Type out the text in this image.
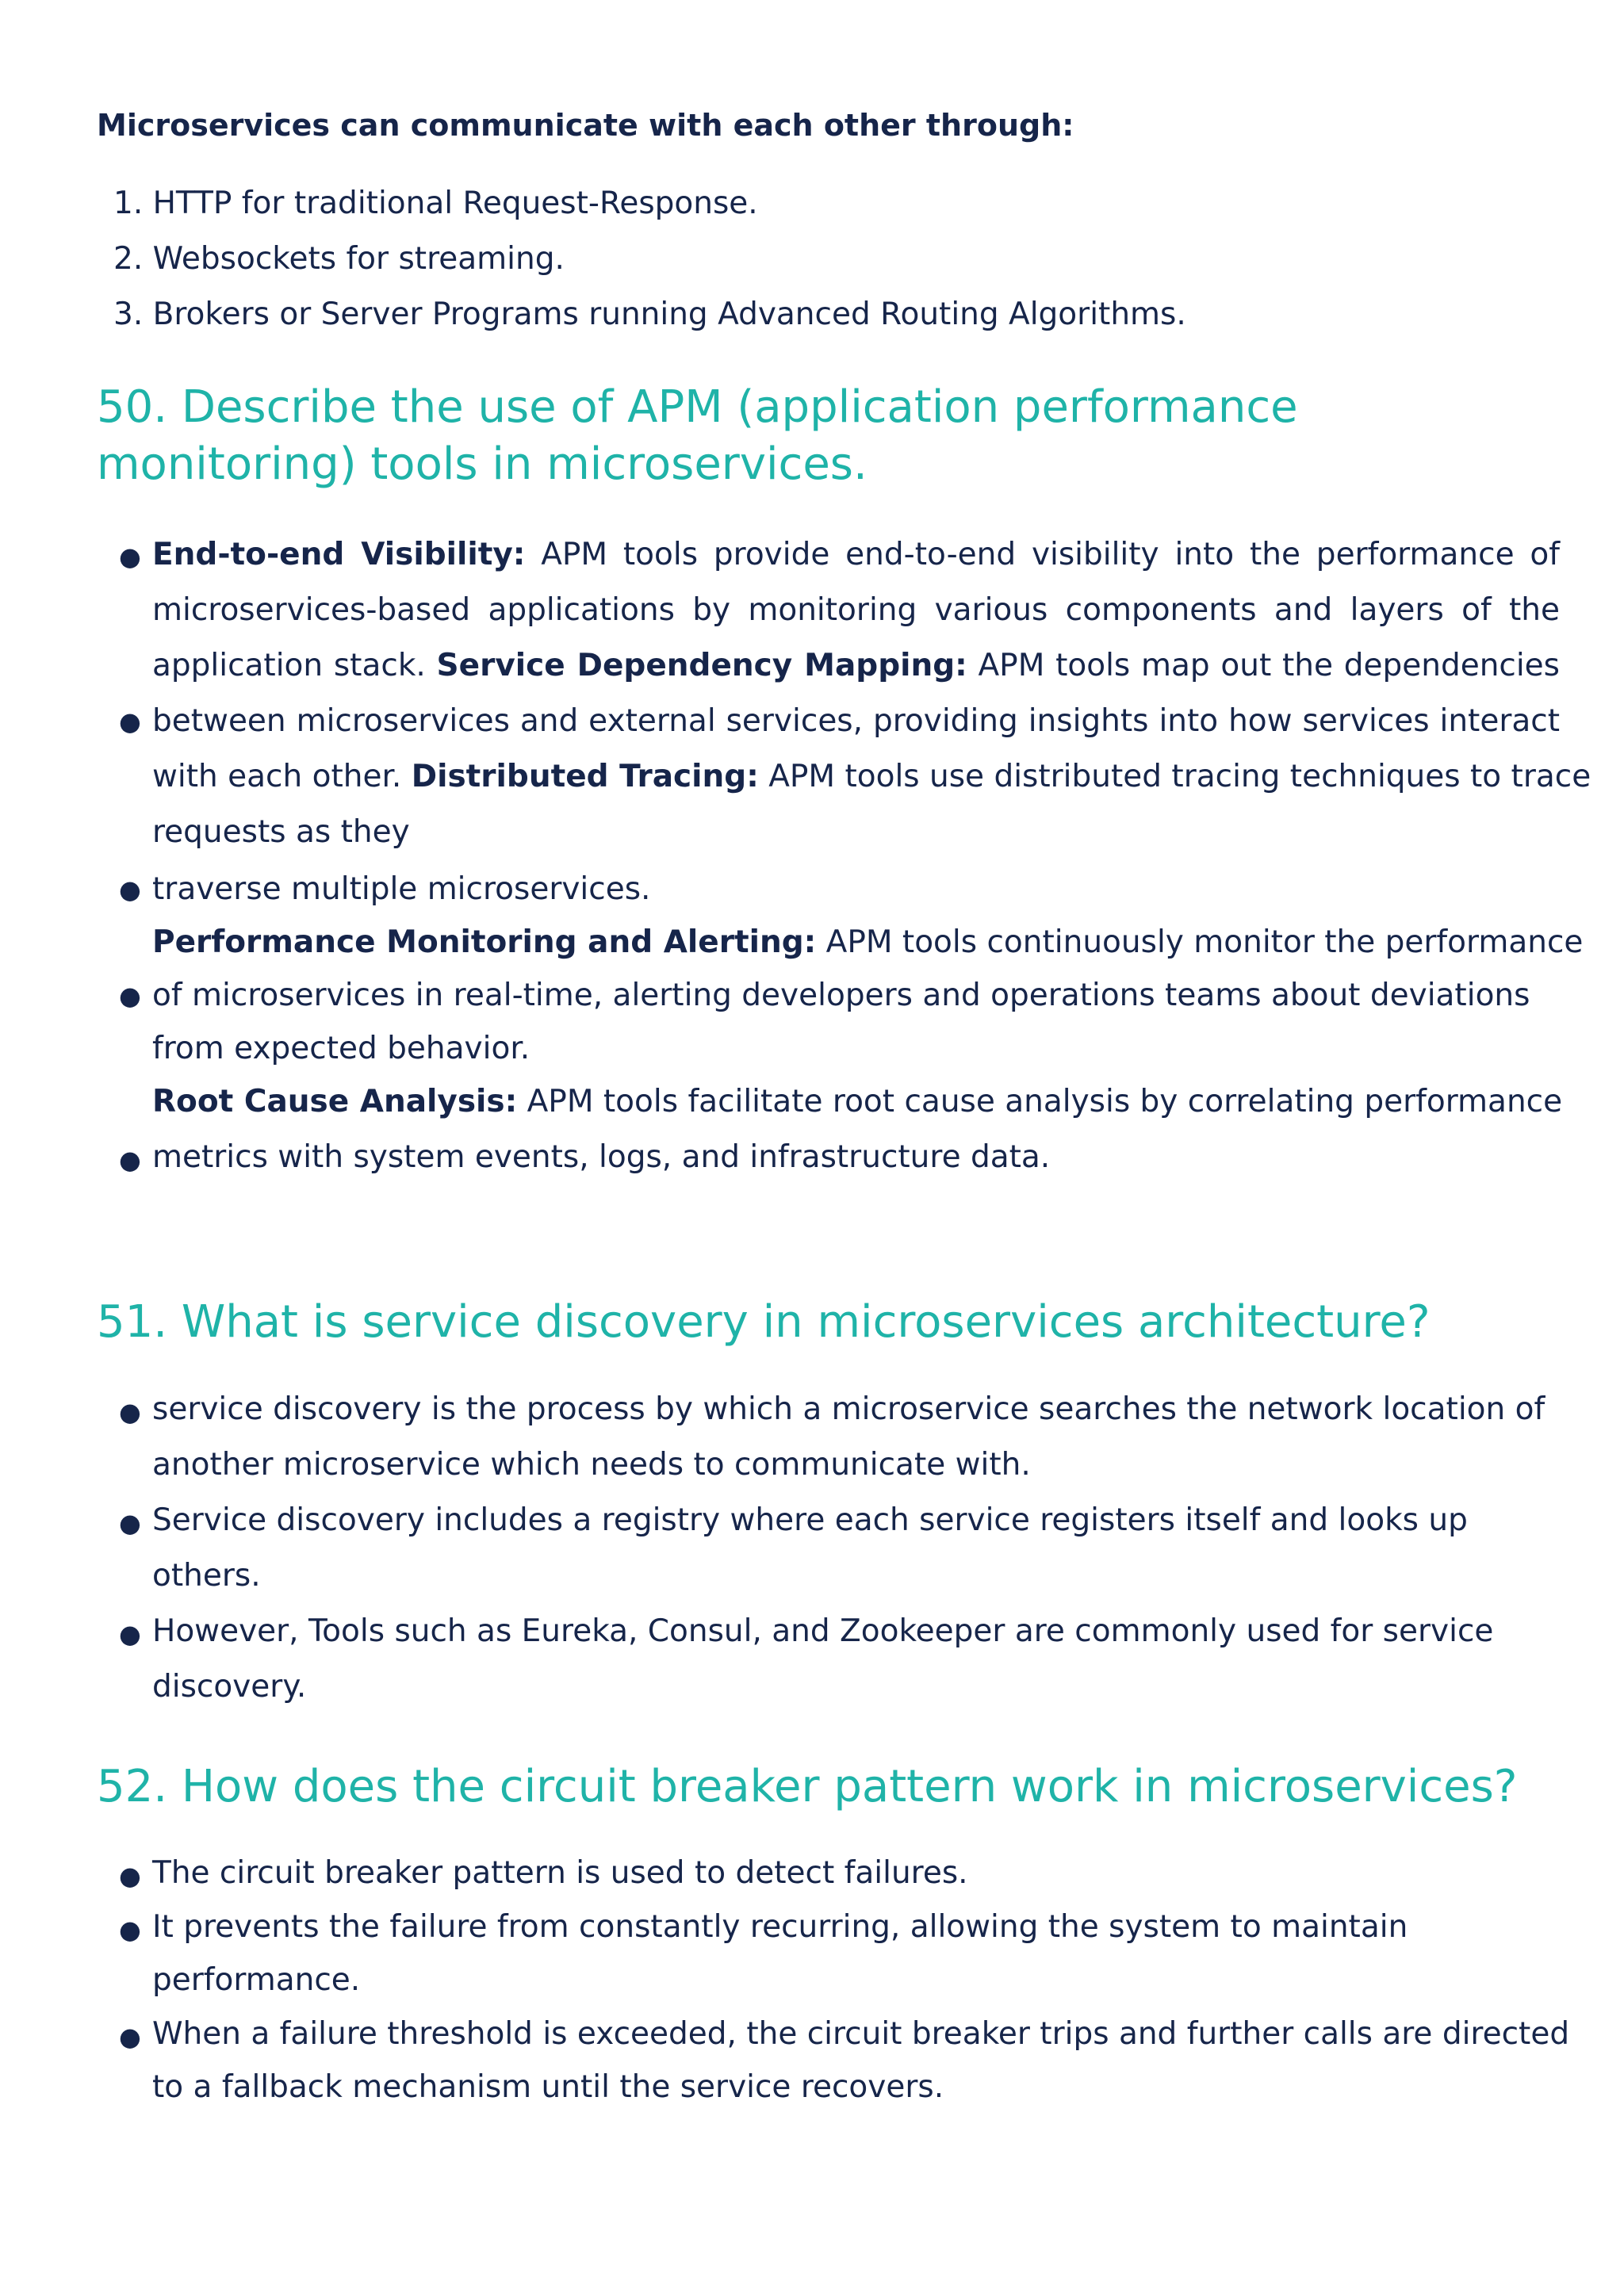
Microservices can communicate with each other through:

1. HTTP for traditional Request-Response.
2. Websockets for streaming.
3. Brokers or Server Programs running Advanced Routing Algorithms.
50. Describe the use of APM (application performance
monitoring) tools in microservices.
●
●
●
●
●
End-to-end Visibility: APM tools provide end-to-end visibility into the performance of
microservices-based applications by monitoring various components and layers of the
application stack. Service Dependency Mapping: APM tools map out the dependencies
between microservices and external services, providing insights into how services interact
with each other. Distributed Tracing: APM tools use distributed tracing techniques to trace
requests as they
traverse multiple microservices.
Performance Monitoring and Alerting: APM tools continuously monitor the performance
of microservices in real-time, alerting developers and operations teams about deviations
from expected behavior.
Root Cause Analysis: APM tools facilitate root cause analysis by correlating performance
metrics with system events, logs, and infrastructure data.
51. What is service discovery in microservices architecture?
●
●
●
service discovery is the process by which a microservice searches the network location of
another microservice which needs to communicate with.
Service discovery includes a registry where each service registers itself and looks up
others.
However, Tools such as Eureka, Consul, and Zookeeper are commonly used for service
discovery.
52. How does the circuit breaker pattern work in microservices?
●
●
●
The circuit breaker pattern is used to detect failures.
It prevents the failure from constantly recurring, allowing the system to maintain
performance.
When a failure threshold is exceeded, the circuit breaker trips and further calls are directed
to a fallback mechanism until the service recovers.
